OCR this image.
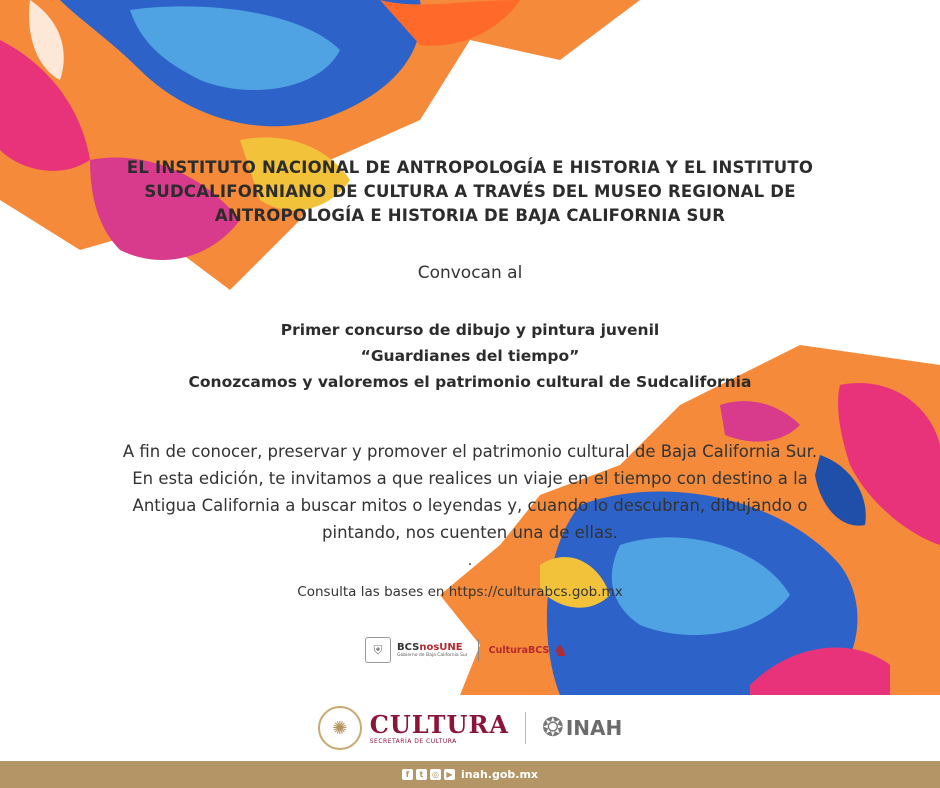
EL INSTITUTO NACIONAL DE ANTROPOLOGÍA E HISTORIA Y EL INSTITUTO
SUDCALIFORNIANO DE CULTURA A TRAVÉS DEL MUSEO REGIONAL DE
ANTROPOLOGÍA E HISTORIA DE BAJA CALIFORNIA SUR
Convocan al
Primer concurso de dibujo y pintura juvenil
“Guardianes del tiempo”
Conozcamos y valoremos el patrimonio cultural de Sudcalifornia
A fin de conocer, preservar y promover el patrimonio cultural de Baja California Sur.
En esta edición, te invitamos a que realices un viaje en el tiempo con destino a la
Antigua California a buscar mitos o leyendas y, cuando lo descubran, dibujando o
pintando, nos cuenten una de ellas.
.
Consulta las bases en https://culturabcs.gob.mx
⛨	BCSnosUNE
Gobierno de Baja California Sur CulturaBCS ♞
✺ CULTURA
SECRETARÍA DE CULTURA	❂ INAH
f	t	◎ ▶ inah.gob.mx
